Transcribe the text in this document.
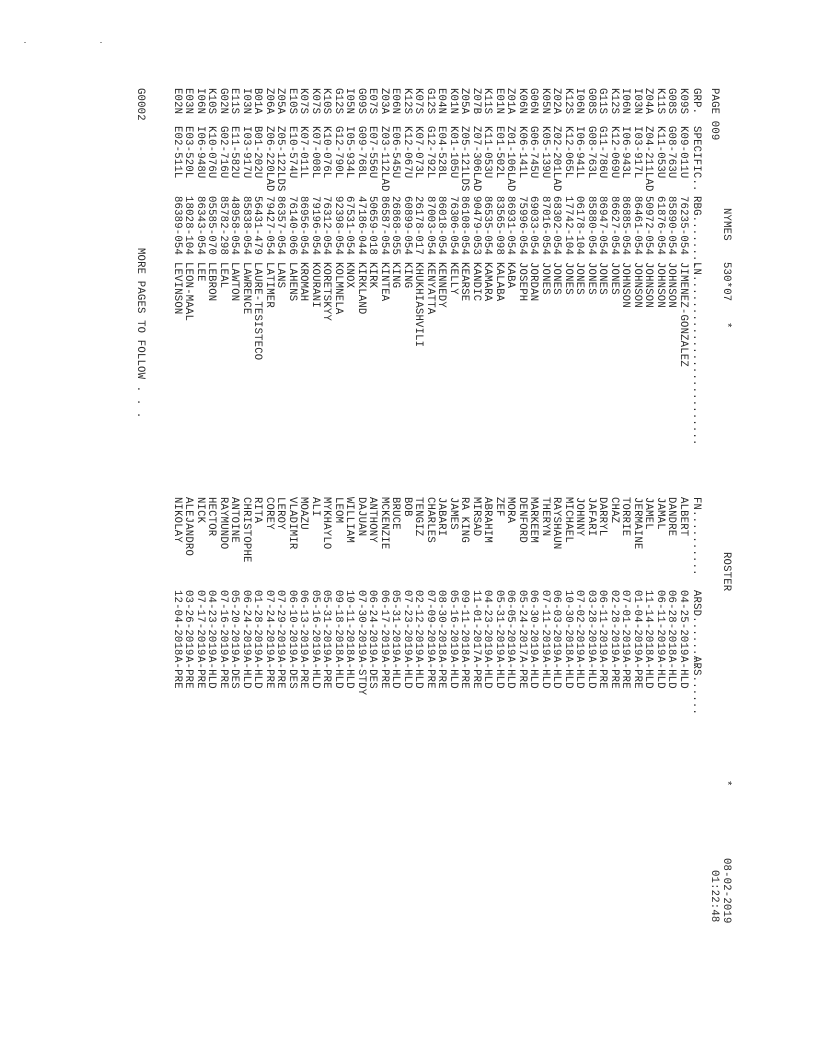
NYMES

530*07

*

ROSTER

*

08-02-2019

PAGE 009

01:22:48

GRP.

SPECIFIC..

RBG........

LN..........................

FN..........

ARSD........

ARS......

K09S
K09-011U
76235-054
JIMENEZ-GONZALEZ
ALBERT
04-25-2019
A-HLD
G08S
G08-763U
85890-054
JOHNSON
DANDRE
06-28-2018
A-HLD
K11S
K11-053U
61876-054
JOHNSON
JAMAL
06-11-2019
A-HLD
Z04A
Z04-211LAD
50972-054
JOHNSON
JAMEL
11-14-2018
A-HLD
I03N
I03-917L
86461-054
JOHNSON
JERMAINE
01-04-2019
A-PRE
I06N
I06-943L
86885-054
JOHNSON
TORRIE
07-01-2019
A-PRE
K12S
K12-069U
86627-054
JONES
CHAZ
02-28-2019
A-PRE
G11S
G11-786U
86947-054
JONES
DARRYL
06-11-2019
A-PRE
G08S
G08-763L
85880-054
JONES
JAFARI
03-28-2019
A-HLD
I06N
I06-941L
06178-104
JONES
JOHNNY
07-02-2019
A-HLD
K12S
K12-065L
17742-104
JONES
MICHAEL
10-30-2018
A-HLD
Z02A
Z02-201LAD
68302-054
JONES
RAYSHAUN
06-03-2019
A-HLD
K05N
K05-139U
87016-054
JONES
THERYN
07-11-2019
A-HLD
G06N
G06-745U
69033-054
JORDAN
MARKEEM
06-30-2019
A-HLD
K06N
K06-141L
75996-054
JOSEPH
DENFORD
05-24-2017
A-PRE
Z01A
Z01-106LAD
86931-054
KABA
MORA
06-05-2019
A-HLD
E01N
E01-502L
83565-098
KALABA
ZEF
05-31-2019
A-HLD
K11S
K11-053U
86535-054
KAMARA
ABRAHIM
04-23-2019
A-HLD
Z07B
Z07-306LAD
90479-053
KANDIC
MIRSAD
11-01-2017
A-PRE
Z05A
Z05-121LDS
86108-054
KEARSE
RA KING
09-11-2018
A-PRE
K01N
K01-105U
76306-054
KELLY
JAMES
05-16-2019
A-HLD
E04N
E04-528L
86018-054
KENNEDY
JABARI
08-30-2018
A-PRE
G12S
G12-792L
87003-054
KENYATTA
CHARLES
07-09-2019
A-PRE
K07S
K07-073L
26178-017
KHUKHIASHVILI
TENGIZ
02-12-2019
A-HLD
K12S
K12-067U
60899-054
KING
BOB
07-23-2019
A-HLD
E06N
E06-545U
26868-055
KING
BRUCE
05-31-2019
A-HLD
Z03A
Z03-112LAD
86587-054
KINTEA
MCKENZIE
06-17-2019
A-PRE
E07S
E07-556U
50659-018
KIRK
ANTHONY
06-24-2019
A-DES
G09S
G09-768L
47186-044
KIRKLAND
DAJUAN
07-30-2019
A-STDY
I05N
I05-934L
67531-054
KNOX
WILLIAM
10-11-2018
A-HLD
G12S
G12-790L
92398-054
KOLMNELA
LEOM
09-18-2018
A-HLD
K10S
K10-076L
76312-054
KORETSKYY
MYKHAYLO
05-31-2019
A-PRE
K07S
K07-008L
79196-054
KOURANI
ALI
05-16-2019
A-HLD
K07S
K07-011L
86956-054
KROMAH
MOAZU
06-13-2019
A-PRE
E10S
E10-574U
76140-066
LAHENS
VLADIMIR
06-10-2019
A-DES
Z05A
Z05-122LDS
86357-054
LANS
LEROY
07-29-2019
A-PRE
Z06A
Z06-220LAD
79427-054
LATIMER
COREY
07-24-2019
A-PRE
B01A
B01-202U
56431-479
LAURE-TESISTECO
RITA
01-28-2019
A-HLD
I03N
I03-917U
85838-054
LAWRENCE
CHRISTOPHE
06-24-2019
A-HLD
E11S
E11-582U
48958-054
LAWTON
ANTOINE
05-20-2019
A-DES
G02N
G02-716U
85782-298
LEAL
RAYMUNDO
07-16-2019
A-PRE
K10S
K10-076U
05585-070
LEBRON
HECTOR
04-23-2019
A-HLD
I06N
I06-948U
86343-054
LEE
NICK
07-17-2019
A-PRE
E03N
E03-520L
18028-104
LEON-MAAL
ALEJANDRO
03-26-2019
A-PRE
E02N
E02-511L
86389-054
LEVINSON
NIKOLAY
12-04-2018
A-PRE

G0002

MORE PAGES TO FOLLOW . . .
